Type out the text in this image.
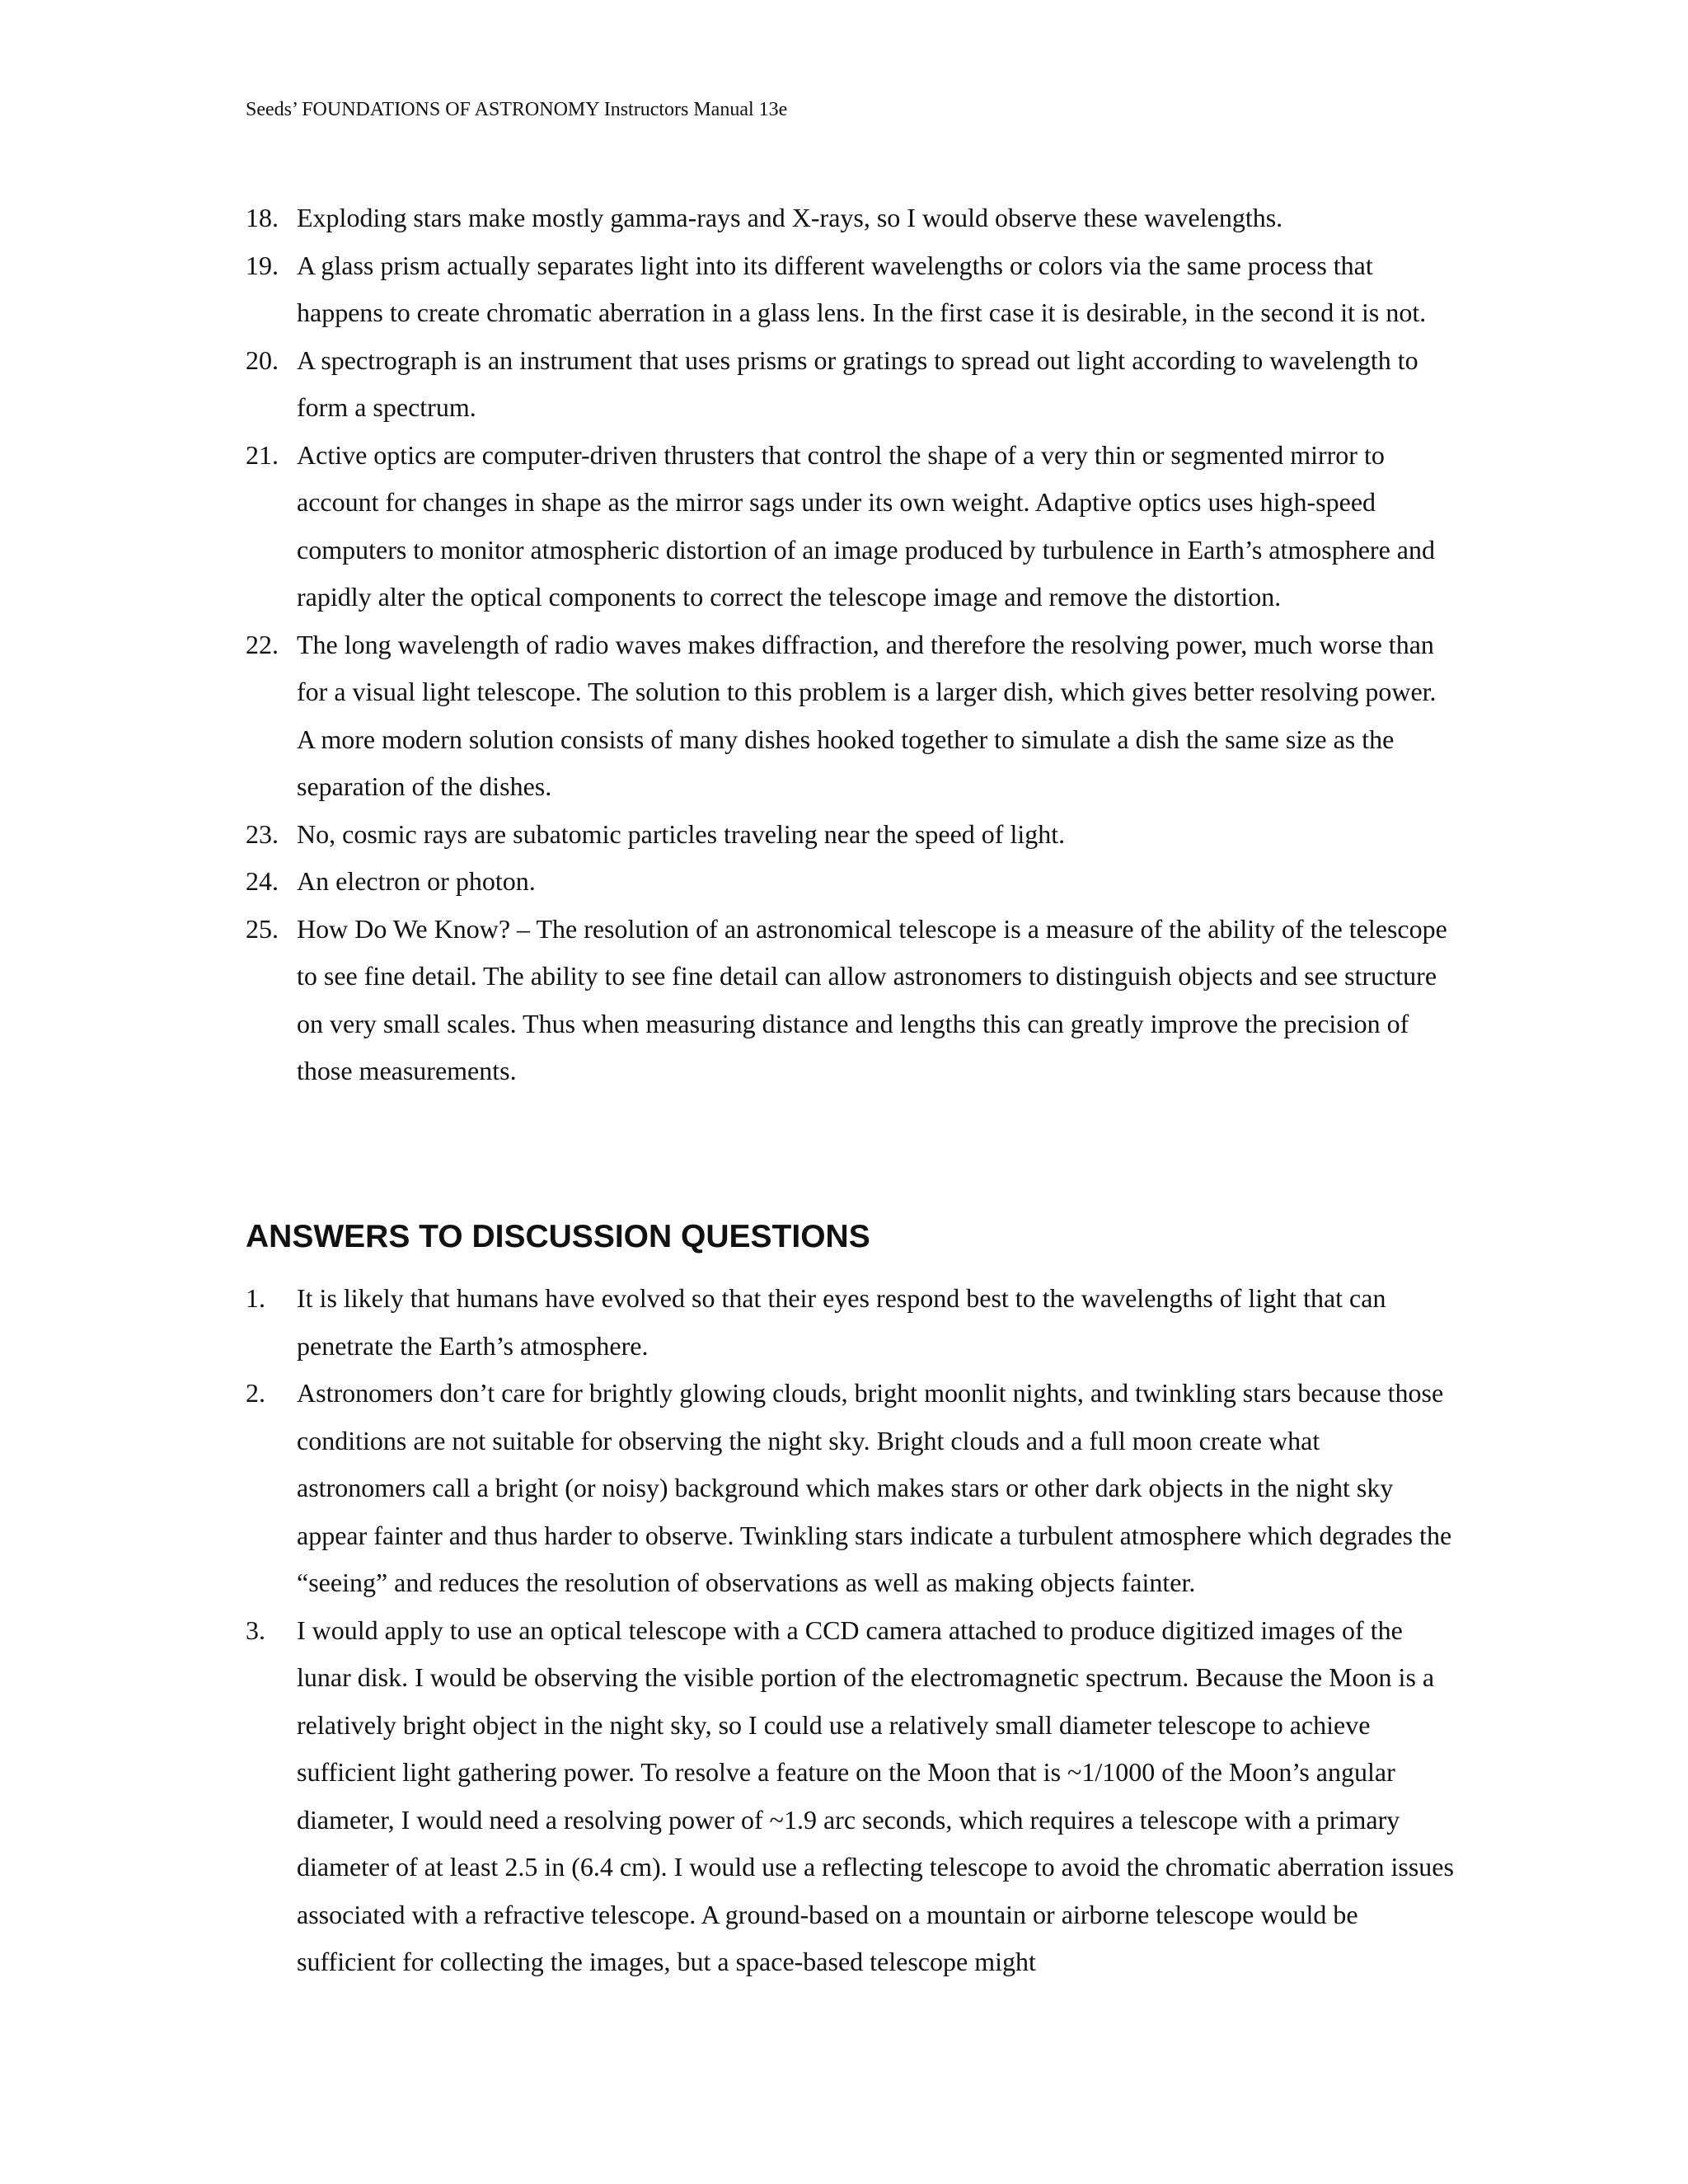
Seeds’ FOUNDATIONS OF ASTRONOMY Instructors Manual 13e
18. Exploding stars make mostly gamma-rays and X-rays, so I would observe these wavelengths.
19. A glass prism actually separates light into its different wavelengths or colors via the same process that happens to create chromatic aberration in a glass lens. In the first case it is desirable, in the second it is not.
20. A spectrograph is an instrument that uses prisms or gratings to spread out light according to wavelength to form a spectrum.
21. Active optics are computer-driven thrusters that control the shape of a very thin or segmented mirror to account for changes in shape as the mirror sags under its own weight. Adaptive optics uses high-speed computers to monitor atmospheric distortion of an image produced by turbulence in Earth’s atmosphere and rapidly alter the optical components to correct the telescope image and remove the distortion.
22. The long wavelength of radio waves makes diffraction, and therefore the resolving power, much worse than for a visual light telescope. The solution to this problem is a larger dish, which gives better resolving power. A more modern solution consists of many dishes hooked together to simulate a dish the same size as the separation of the dishes.
23. No, cosmic rays are subatomic particles traveling near the speed of light.
24. An electron or photon.
25. How Do We Know? – The resolution of an astronomical telescope is a measure of the ability of the telescope to see fine detail. The ability to see fine detail can allow astronomers to distinguish objects and see structure on very small scales. Thus when measuring distance and lengths this can greatly improve the precision of those measurements.
ANSWERS TO DISCUSSION QUESTIONS
1. It is likely that humans have evolved so that their eyes respond best to the wavelengths of light that can penetrate the Earth’s atmosphere.
2. Astronomers don’t care for brightly glowing clouds, bright moonlit nights, and twinkling stars because those conditions are not suitable for observing the night sky. Bright clouds and a full moon create what astronomers call a bright (or noisy) background which makes stars or other dark objects in the night sky appear fainter and thus harder to observe. Twinkling stars indicate a turbulent atmosphere which degrades the “seeing” and reduces the resolution of observations as well as making objects fainter.
3. I would apply to use an optical telescope with a CCD camera attached to produce digitized images of the lunar disk. I would be observing the visible portion of the electromagnetic spectrum. Because the Moon is a relatively bright object in the night sky, so I could use a relatively small diameter telescope to achieve sufficient light gathering power. To resolve a feature on the Moon that is ~1/1000 of the Moon’s angular diameter, I would need a resolving power of ~1.9 arc seconds, which requires a telescope with a primary diameter of at least 2.5 in (6.4 cm). I would use a reflecting telescope to avoid the chromatic aberration issues associated with a refractive telescope. A ground-based on a mountain or airborne telescope would be sufficient for collecting the images, but a space-based telescope might
